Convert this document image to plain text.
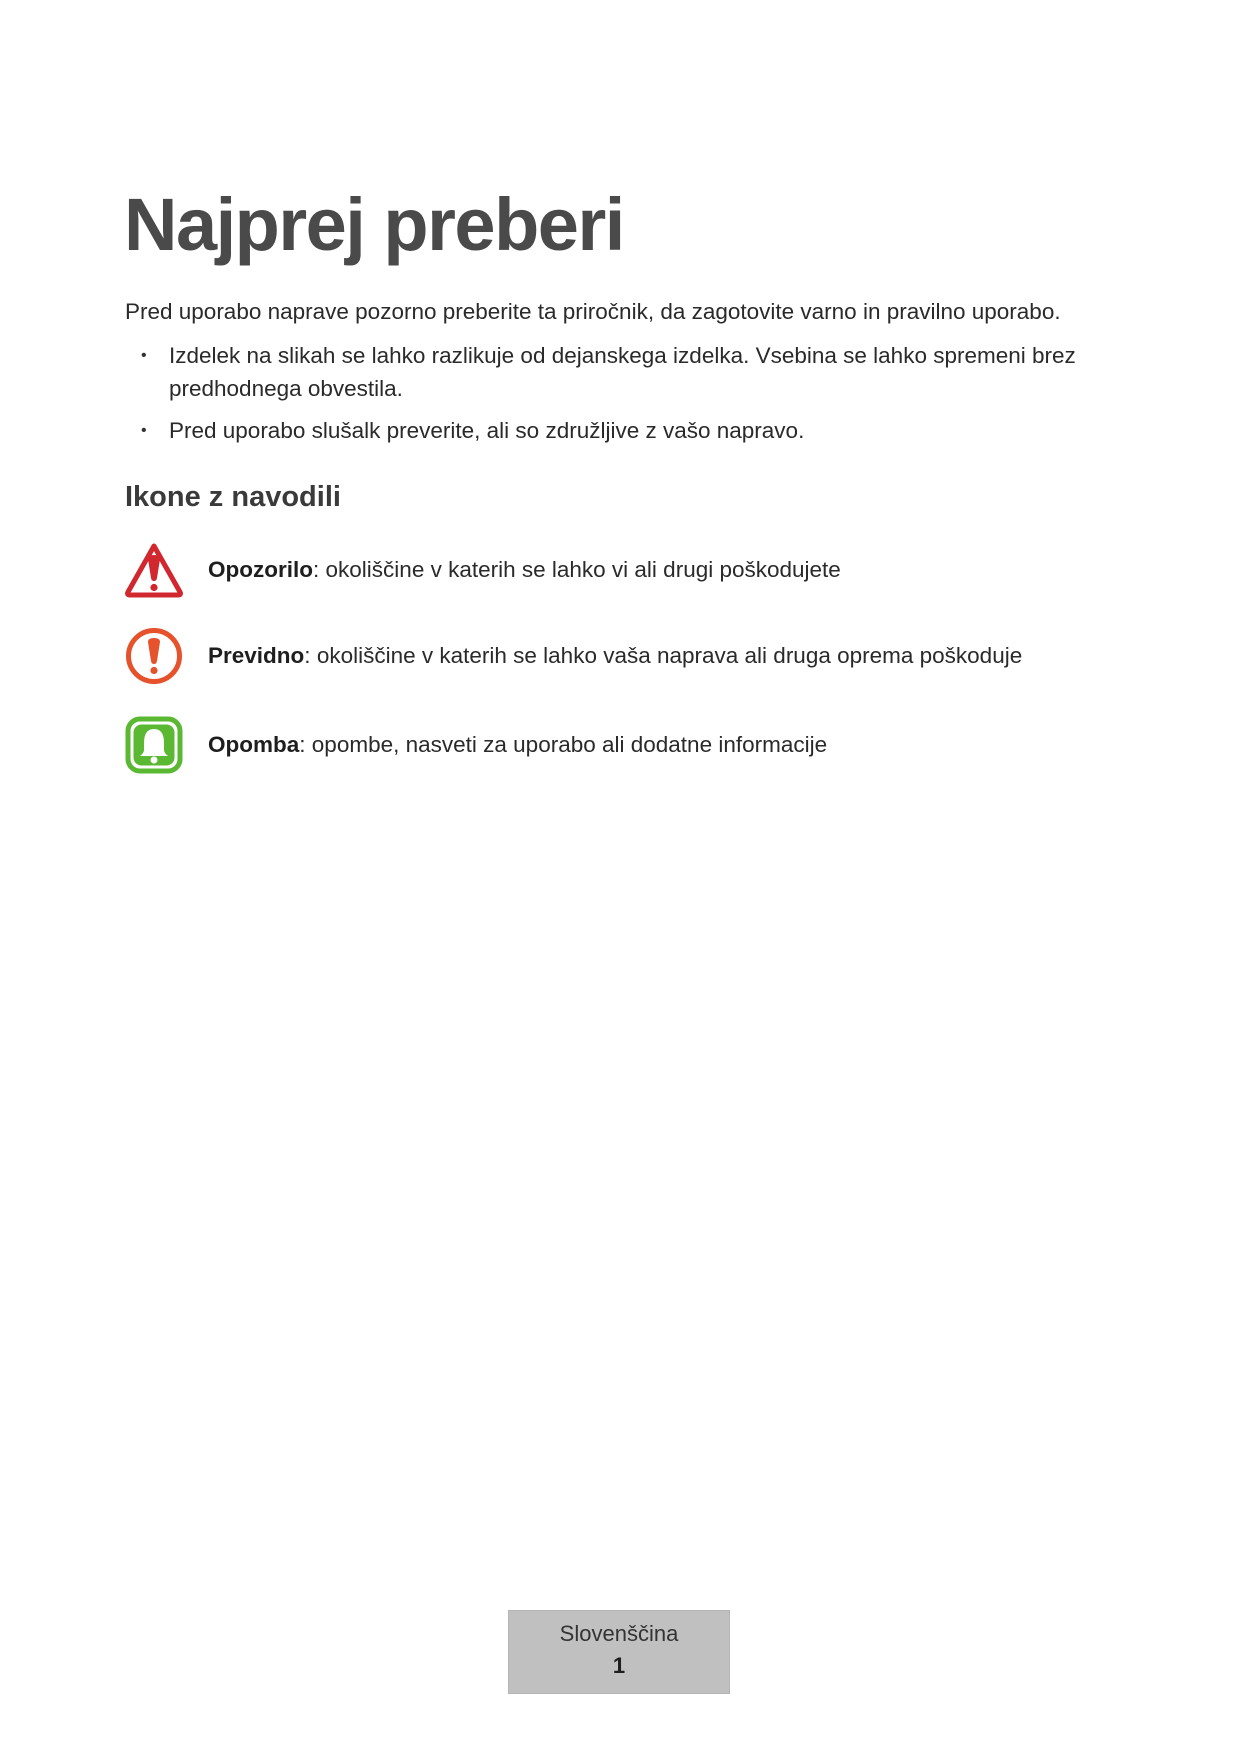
Najprej preberi
Pred uporabo naprave pozorno preberite ta priročnik, da zagotovite varno in pravilno uporabo.
• Izdelek na slikah se lahko razlikuje od dejanskega izdelka. Vsebina se lahko spremeni brez predhodnega obvestila.
• Pred uporabo slušalk preverite, ali so združljive z vašo napravo.
Ikone z navodili
Opozorilo: okoliščine v katerih se lahko vi ali drugi poškodujete
Previdno: okoliščine v katerih se lahko vaša naprava ali druga oprema poškoduje
Opomba: opombe, nasveti za uporabo ali dodatne informacije
Slovenščina
1
